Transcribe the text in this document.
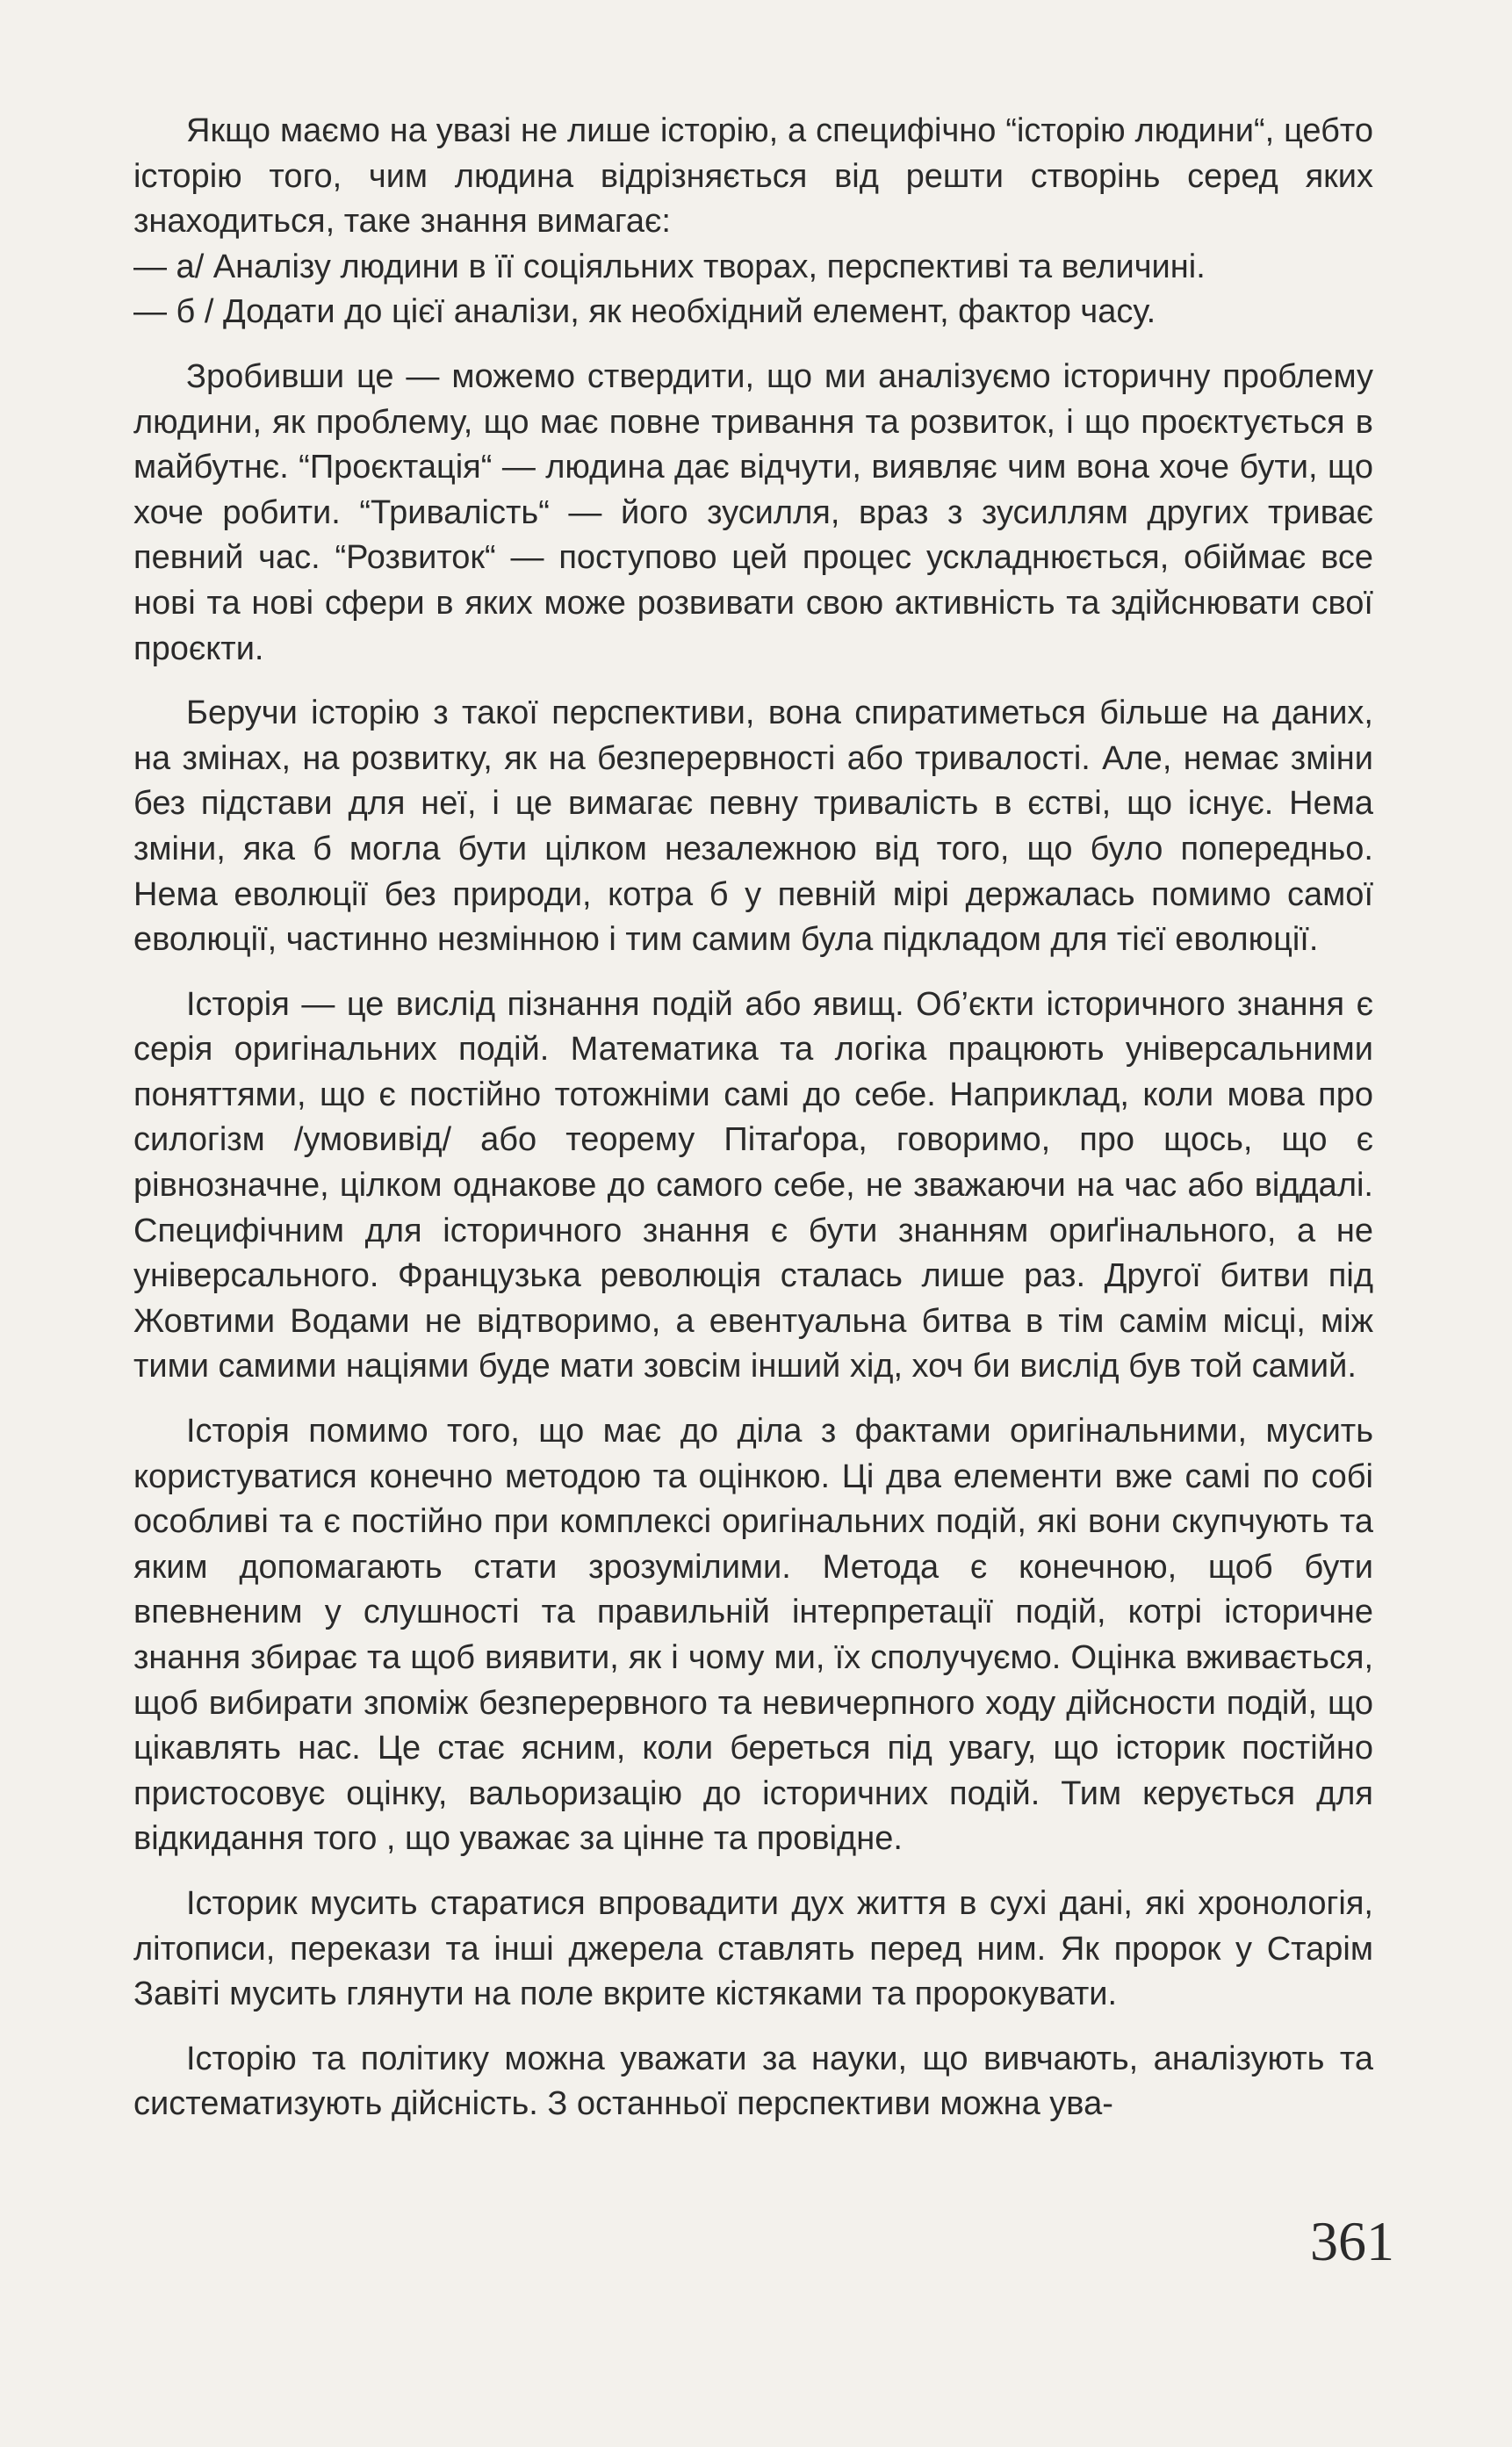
Якщо маємо на увазі не лише історію, а специфічно “історію людини“, цебто історію того, чим людина відрізняється від решти створінь серед яких знаходиться, таке знання вимагає:

— а/ Аналізу людини в її соціяльних творах, перспективі та величині.

— б / Додати до цієї аналізи, як необхідний елемент, фактор часу.

Зробивши це — можемо ствердити, що ми аналізуємо історичну проблему людини, як проблему, що має повне тривання та розвиток, і що проєктується в майбутнє. “Проєктація“ — людина дає відчути, виявляє чим вона хоче бути, що хоче робити. “Тривалість“ — його зусилля, враз з зусиллям других триває певний час. “Розвиток“ — поступово цей процес ускладнюється, обіймає все нові та нові сфери в яких може розвивати свою активність та здійснювати свої проєкти.

Беручи історію з такої перспективи, вона спиратиметься більше на даних, на змінах, на розвитку, як на безперервності або тривалості. Але, немає зміни без підстави для неї, і це вимагає певну тривалість в єстві, що існує. Нема зміни, яка б могла бути цілком незалежною від того, що було попередньо. Нема еволюції без природи, котра б у певній мірі держалась помимо самої еволюції, частинно незмінною і тим самим була підкладом для тієї еволюції.

Історія — це вислід пізнання подій або явищ. Об’єкти історичного знання є серія оригінальних подій. Математика та логіка працюють універсальними поняттями, що є постійно тотожніми самі до себе. Наприклад, коли мова про силогізм /умовивід/ або теорему Пітаґора, говоримо, про щось, що є рівнозначне, цілком однакове до самого себе, не зважаючи на час або віддалі. Специфічним для історичного знання є бути знанням ориґінального, а не універсального. Французька революція сталась лише раз. Другої битви під Жовтими Водами не відтворимо, а евентуальна битва в тім самім місці, між тими самими націями буде мати зовсім інший хід, хоч би вислід був той самий.

Історія помимо того, що має до діла з фактами оригінальними, мусить користуватися конечно методою та оцінкою. Ці два елементи вже самі по собі особливі та є постійно при комплексі оригінальних подій, які вони скупчують та яким допомагають стати зрозумілими. Метода є конечною, щоб бути впевненим у слушності та правильній інтерпретації подій, котрі історичне знання збирає та щоб виявити, як і чому ми, їх сполучуємо. Оцінка вживається, щоб вибирати зпоміж безперервного та невичерпного ходу дійсности подій, що цікавлять нас. Це стає ясним, коли береться під увагу, що історик постійно пристосовує оцінку, вальоризацію до історичних подій. Тим керується для відкидання того , що уважає за цінне та провідне.

Історик мусить старатися впровадити дух життя в сухі дані, які хронологія, літописи, перекази та інші джерела ставлять перед ним. Як пророк у Старім Завіті мусить глянути на поле вкрите кістяками та пророкувати.

Історію та політику можна уважати за науки, що вивчають, аналізують та систематизують дійсність. З останньої перспективи можна ува-

361
